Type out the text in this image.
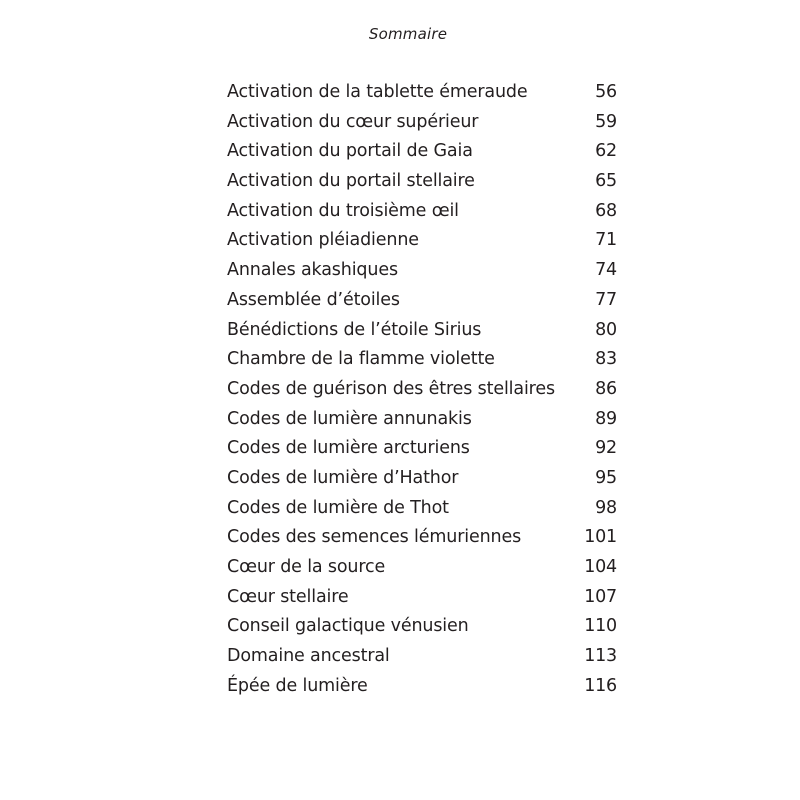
Sommaire
Activation de la tablette émeraude	56
Activation du cœur supérieur	59
Activation du portail de Gaia	62
Activation du portail stellaire	65
Activation du troisième œil	68
Activation pléiadienne	71
Annales akashiques	74
Assemblée d’étoiles	77
Bénédictions de l’étoile Sirius	80
Chambre de la flamme violette	83
Codes de guérison des êtres stellaires 86
Codes de lumière annunakis	89
Codes de lumière arcturiens	92
Codes de lumière d’Hathor	95
Codes de lumière de Thot	98
Codes des semences lémuriennes	101
Cœur de la source	104
Cœur stellaire	107
Conseil galactique vénusien	110
Domaine ancestral	113
Épée de lumière	116
